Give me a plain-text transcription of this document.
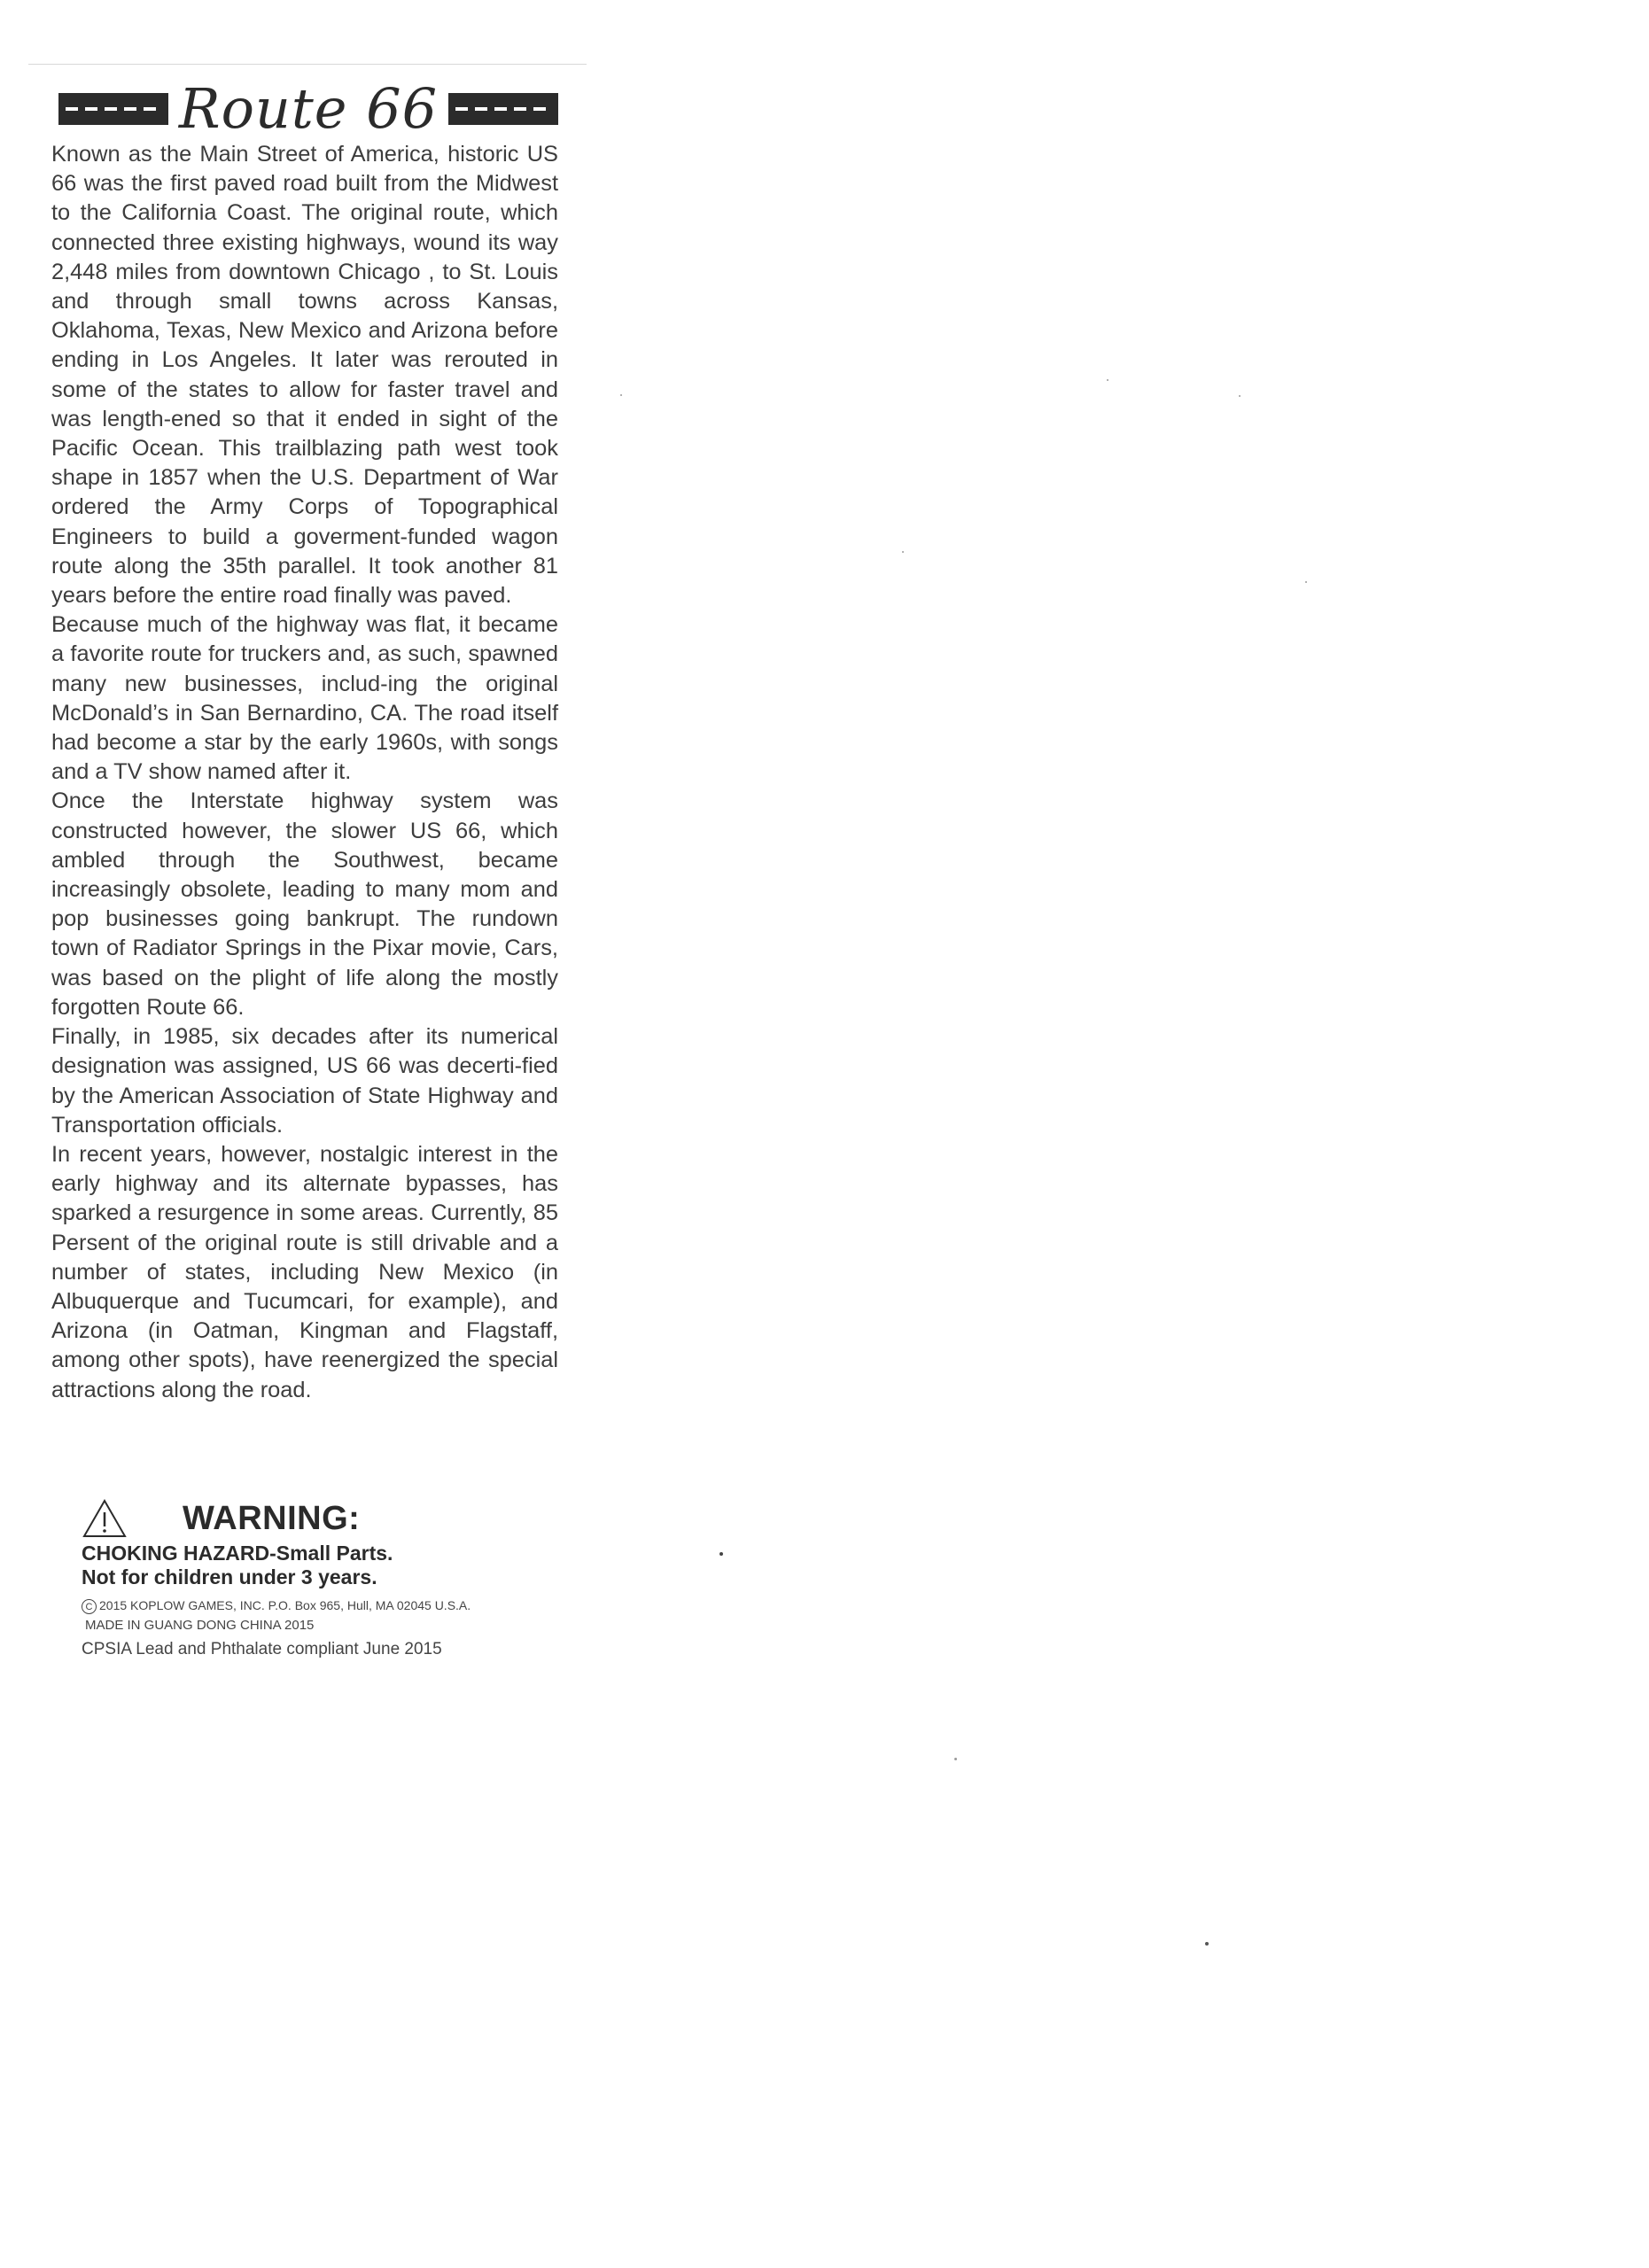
Route 66

Known as the Main Street of America, historic US 66 was the first paved road built from the Midwest to the California Coast. The original route, which connected three existing highways, wound its way 2,448 miles from downtown Chicago , to St. Louis and through small towns across Kansas, Oklahoma, Texas, New Mexico and Arizona before ending in Los Angeles. It later was rerouted in some of the states to allow for faster travel and was length-ened so that it ended in sight of the Pacific Ocean. This trailblazing path west took shape in 1857 when the U.S. Department of War ordered the Army Corps of Topographical Engineers to build a goverment-funded wagon route along the 35th parallel. It took another 81 years before the entire road finally was paved.

Because much of the highway was flat, it became a favorite route for truckers and, as such, spawned many new businesses, includ-ing the original McDonald’s in San Bernardino, CA. The road itself had become a star by the early 1960s, with songs and a TV show named after it.

Once the Interstate highway system was constructed however, the slower US 66, which ambled through the Southwest, became increasingly obsolete, leading to many mom and pop businesses going bankrupt. The rundown town of Radiator Springs in the Pixar movie, Cars, was based on the plight of life along the mostly forgotten Route 66.

Finally, in 1985, six decades after its numerical designation was assigned, US 66 was decerti-fied by the American Association of State Highway and Transportation officials.

In recent years, however, nostalgic interest in the early highway and its alternate bypasses, has sparked a resurgence in some areas. Currently, 85 Persent of the original route is still drivable and a number of states, including New Mexico (in Albuquerque and Tucumcari, for example), and Arizona (in Oatman, Kingman and Flagstaff, among other spots), have reenergized the special attractions along the road.

WARNING:
CHOKING HAZARD-Small Parts.
Not for children under 3 years.
C 2015 KOPLOW GAMES, INC. P.O. Box 965, Hull, MA 02045 U.S.A.
MADE IN GUANG DONG CHINA 2015
CPSIA Lead and Phthalate compliant June 2015
